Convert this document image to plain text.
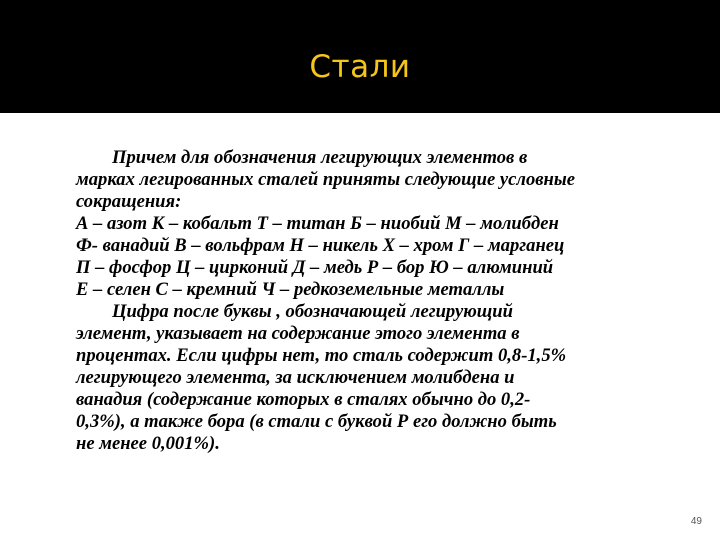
Стали
Причем для обозначения легирующих элементов в
марках легированных сталей приняты следующие условные
сокращения:
А – азот К – кобальт Т – титан Б – ниобий М – молибден
Ф- ванадий В – вольфрам Н – никель Х – хром Г – марганец
П – фосфор Ц – цирконий Д – медь Р – бор Ю – алюминий
Е – селен С – кремний Ч – редкоземельные металлы
Цифра после буквы , обозначающей легирующий
элемент, указывает на содержание этого элемента в
процентах. Если цифры нет, то сталь содержит 0,8-1,5%
легирующего элемента, за исключением молибдена и
ванадия (содержание которых в сталях обычно до 0,2-
0,3%), а также бора (в стали с буквой Р его должно быть
не менее 0,001%).
49
